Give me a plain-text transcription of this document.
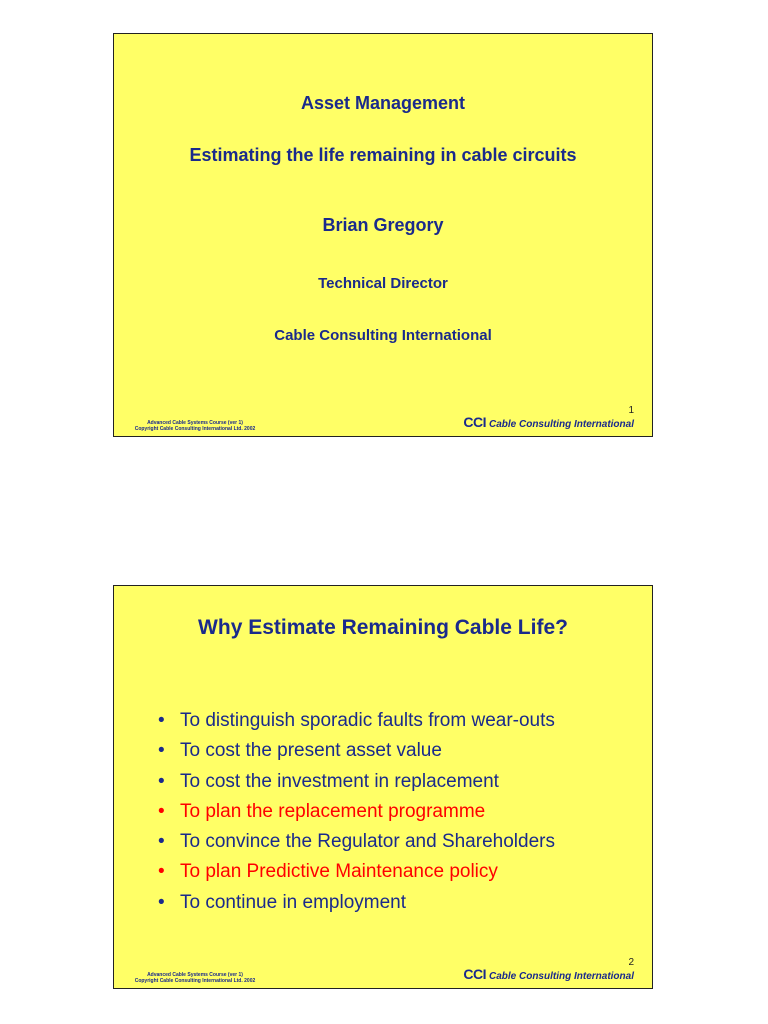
Asset Management
Estimating the life remaining in cable circuits
Brian Gregory
Technical Director
Cable Consulting International
1
Advanced Cable Systems Course (ver 1)
Copyright Cable Consulting International Ltd. 2002	CCI Cable Consulting International
Why Estimate Remaining Cable Life?
• To distinguish sporadic faults from wear-outs
• To cost the present asset value
• To cost the investment in replacement
• To plan the replacement programme
• To convince the Regulator and Shareholders
• To plan Predictive Maintenance policy
• To continue in employment
2
Advanced Cable Systems Course (ver 1)
Copyright Cable Consulting International Ltd. 2002	CCI Cable Consulting International
